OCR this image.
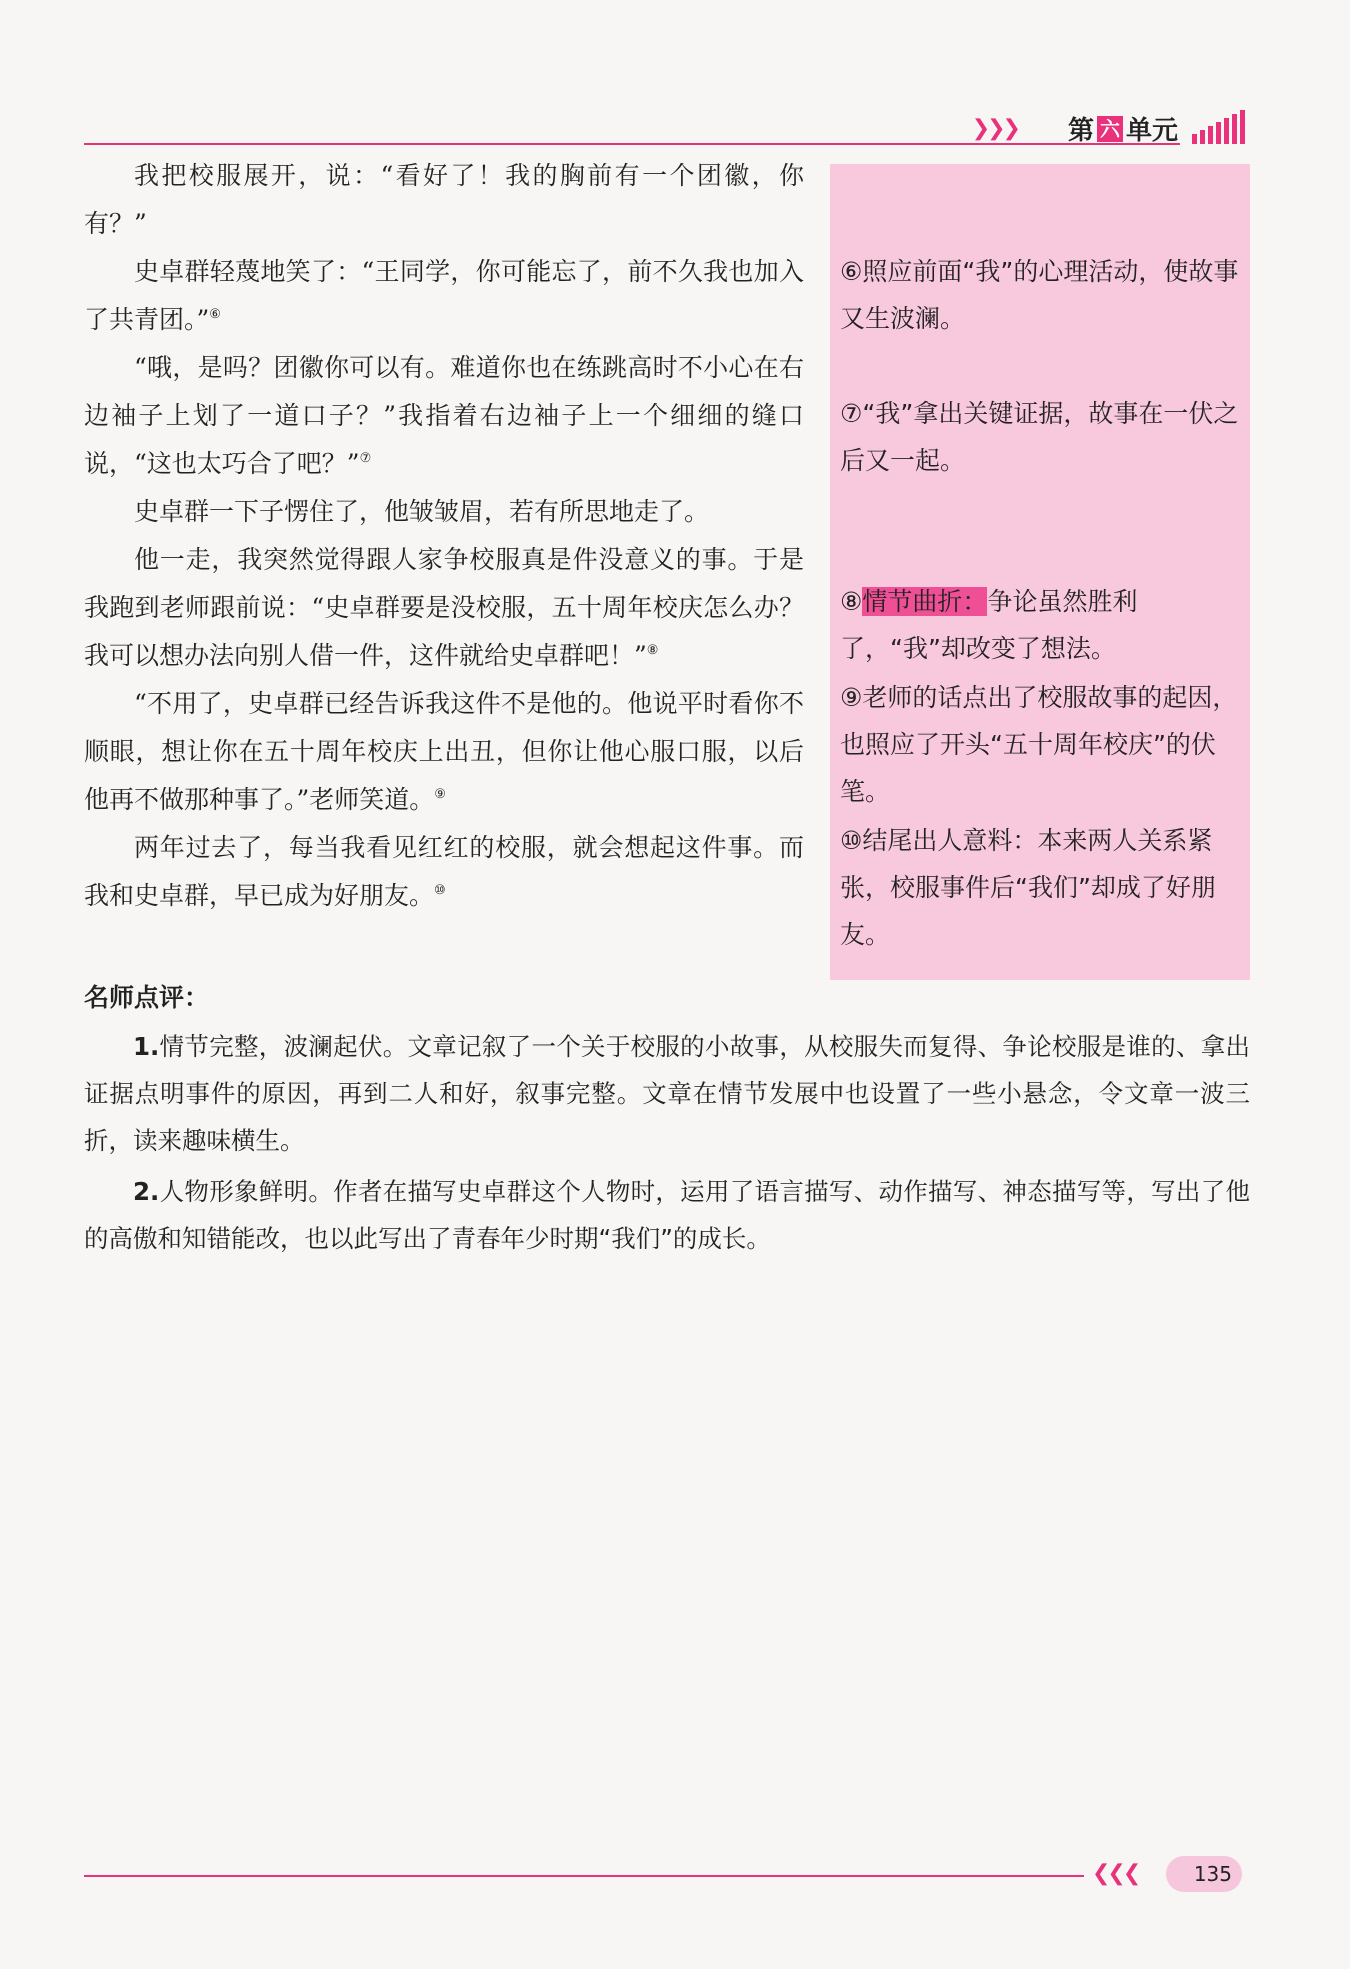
❯❯❯ 第 六 单元

我把校服展开，说：“看好了！我的胸前有一个团徽，你有？”

史卓群轻蔑地笑了：“王同学，你可能忘了，前不久我也加入了共青团。”⑥

“哦，是吗？团徽你可以有。难道你也在练跳高时不小心在右边袖子上划了一道口子？”我指着右边袖子上一个细细的缝口说，“这也太巧合了吧？”⑦

史卓群一下子愣住了，他皱皱眉，若有所思地走了。

他一走，我突然觉得跟人家争校服真是件没意义的事。于是我跑到老师跟前说：“史卓群要是没校服，五十周年校庆怎么办？我可以想办法向别人借一件，这件就给史卓群吧！”⑧

“不用了，史卓群已经告诉我这件不是他的。他说平时看你不顺眼，想让你在五十周年校庆上出丑，但你让他心服口服，以后他再不做那种事了。”老师笑道。⑨

两年过去了，每当我看见红红的校服，就会想起这件事。而我和史卓群，早已成为好朋友。⑩

⑥照应前面“我”的心理活动，使故事又生波澜。

⑦“我”拿出关键证据，故事在一伏之后又一起。

⑧情节曲折：争论虽然胜利了，“我”却改变了想法。

⑨老师的话点出了校服故事的起因，也照应了开头“五十周年校庆”的伏笔。

⑩结尾出人意料：本来两人关系紧张，校服事件后“我们”却成了好朋友。

名师点评：

1.情节完整，波澜起伏。文章记叙了一个关于校服的小故事，从校服失而复得、争论校服是谁的、拿出证据点明事件的原因，再到二人和好，叙事完整。文章在情节发展中也设置了一些小悬念，令文章一波三折，读来趣味横生。

2.人物形象鲜明。作者在描写史卓群这个人物时，运用了语言描写、动作描写、神态描写等，写出了他的高傲和知错能改，也以此写出了青春年少时期“我们”的成长。

❮❮❮	135
